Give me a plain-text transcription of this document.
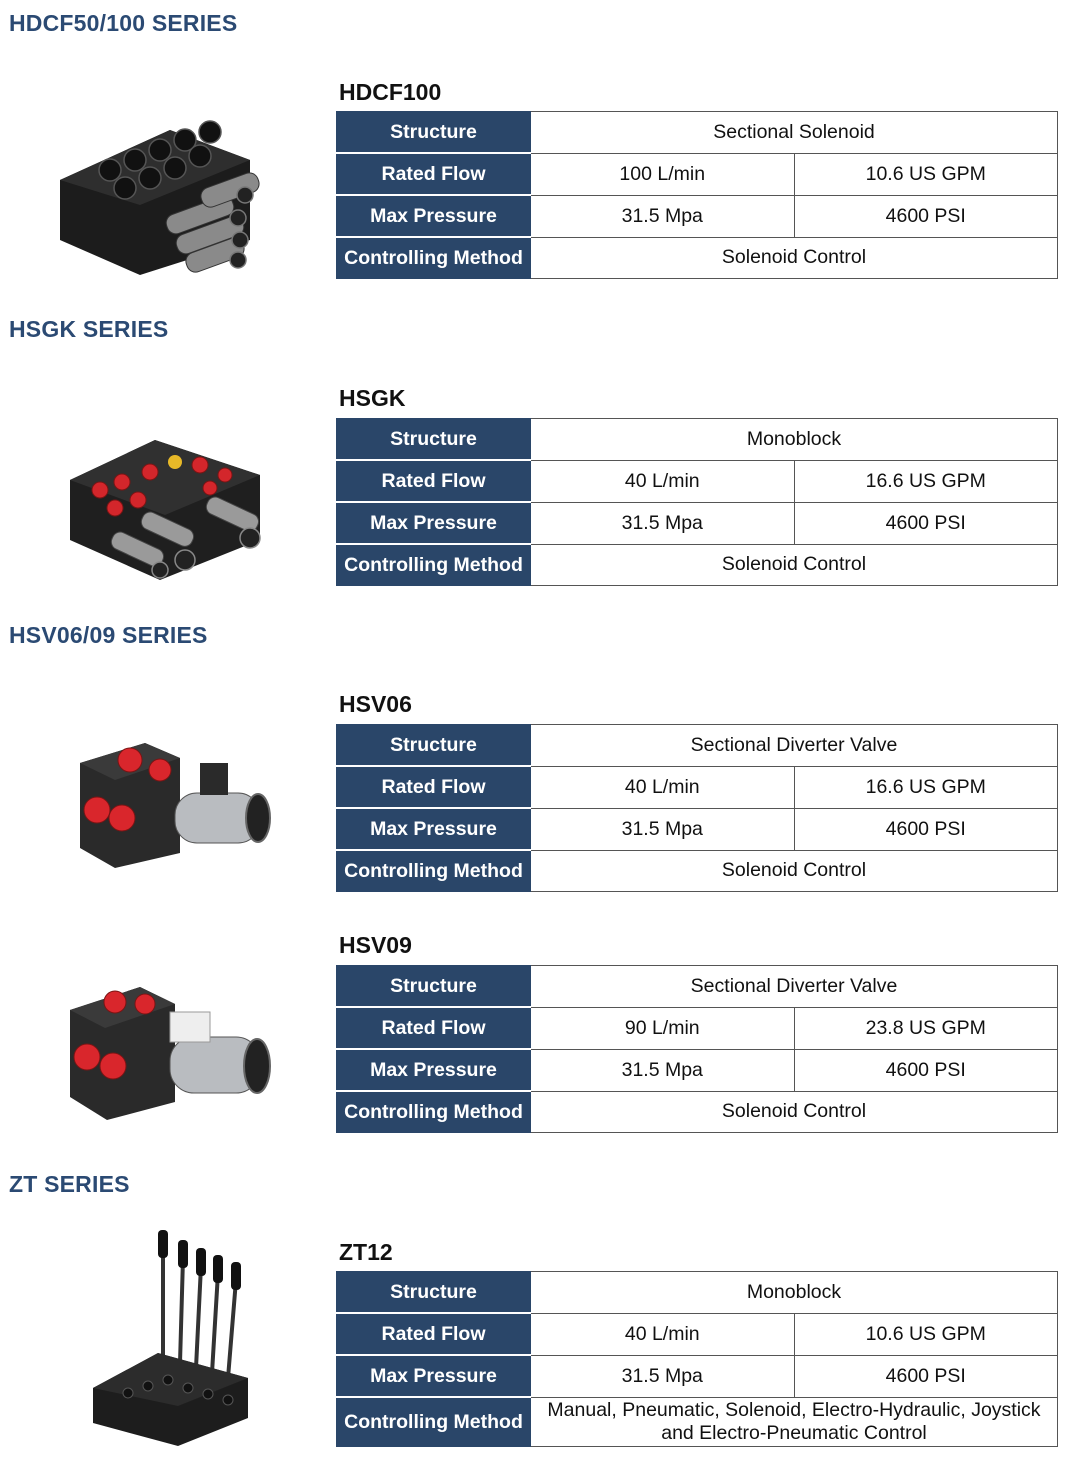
HDCF50/100 SERIES
HDCF100
Structure	Sectional Solenoid	
Rated Flow	100 L/min	10.6 US GPM
Max Pressure	31.5 Mpa	4600 PSI
Controlling Method	Solenoid Control	
HSGK SERIES
HSGK
Structure	Monoblock	
Rated Flow	40 L/min	16.6 US GPM
Max Pressure	31.5 Mpa	4600 PSI
Controlling Method	Solenoid Control	
HSV06/09 SERIES
HSV06
Structure	Sectional Diverter Valve	
Rated Flow	40 L/min	16.6 US GPM
Max Pressure	31.5 Mpa	4600 PSI
Controlling Method	Solenoid Control	
HSV09
Structure	Sectional Diverter Valve	
Rated Flow	90 L/min	23.8 US GPM
Max Pressure	31.5 Mpa	4600 PSI
Controlling Method	Solenoid Control	
ZT SERIES
ZT12
Structure	Monoblock	
Rated Flow	40 L/min	10.6 US GPM
Max Pressure	31.5 Mpa	4600 PSI
Controlling Method	Manual, Pneumatic, Solenoid, Electro-Hydraulic, Joystick and Electro-Pneumatic Control	
